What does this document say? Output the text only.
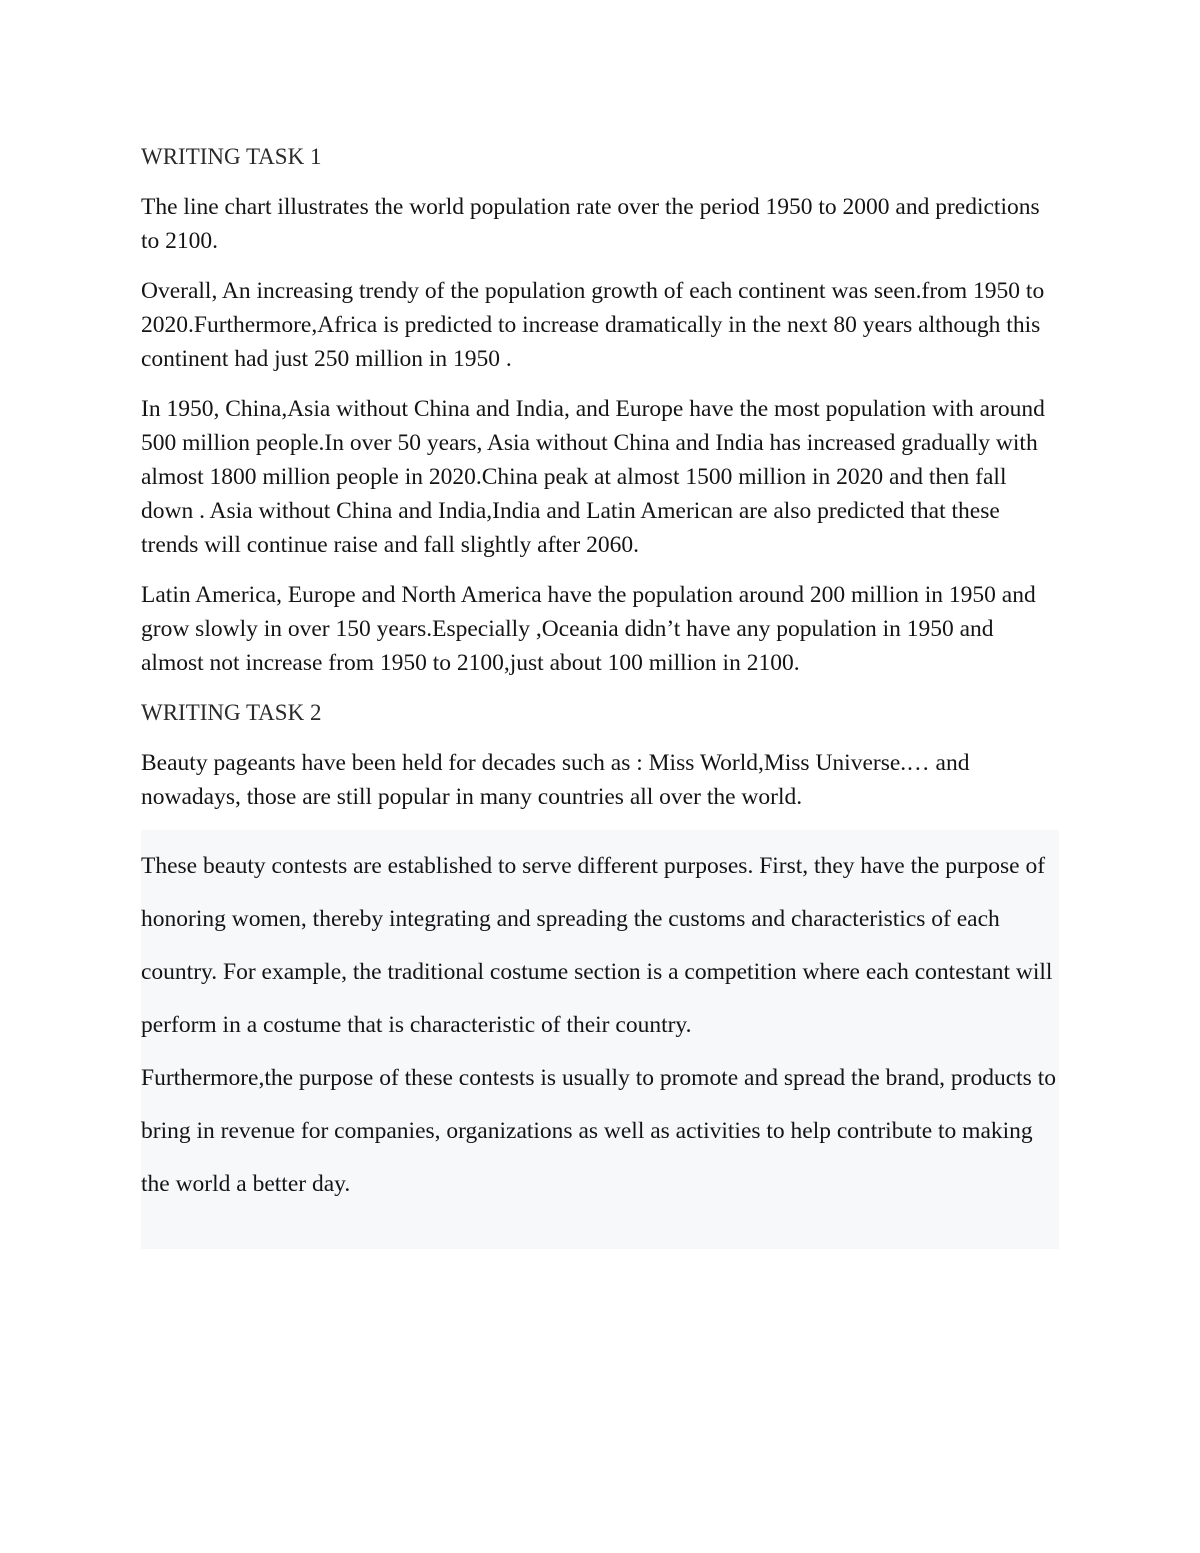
WRITING TASK 1

The line chart illustrates the world population rate over the period 1950 to 2000 and predictions to 2100.

Overall, An increasing trendy of the population growth of each continent was seen.from 1950 to 2020.Furthermore,Africa is predicted to increase dramatically in the next 80 years although this continent had just 250 million in 1950 .

In 1950, China,Asia without China and India, and Europe have the most population with around 500 million people.In over 50 years, Asia without China and India has increased gradually with almost 1800 million people in 2020.China peak at almost 1500 million in 2020 and then fall down . Asia without China and India,India and Latin American are also predicted that these trends will continue raise and fall slightly after 2060.

Latin America, Europe and North America have the population around 200 million in 1950 and grow slowly in over 150 years.Especially ,Oceania didn’t have any population in 1950 and almost not increase from 1950 to 2100,just about 100 million in 2100.

WRITING TASK 2

Beauty pageants have been held for decades such as : Miss World,Miss Universe.… and nowadays, those are still popular in many countries all over the world.

These beauty contests are established to serve different purposes. First, they have the purpose of honoring women, thereby integrating and spreading the customs and characteristics of each country. For example, the traditional costume section is a competition where each contestant will perform in a costume that is characteristic of their country.

Furthermore,the purpose of these contests is usually to promote and spread the brand, products to bring in revenue for companies, organizations as well as activities to help contribute to making the world a better day.
